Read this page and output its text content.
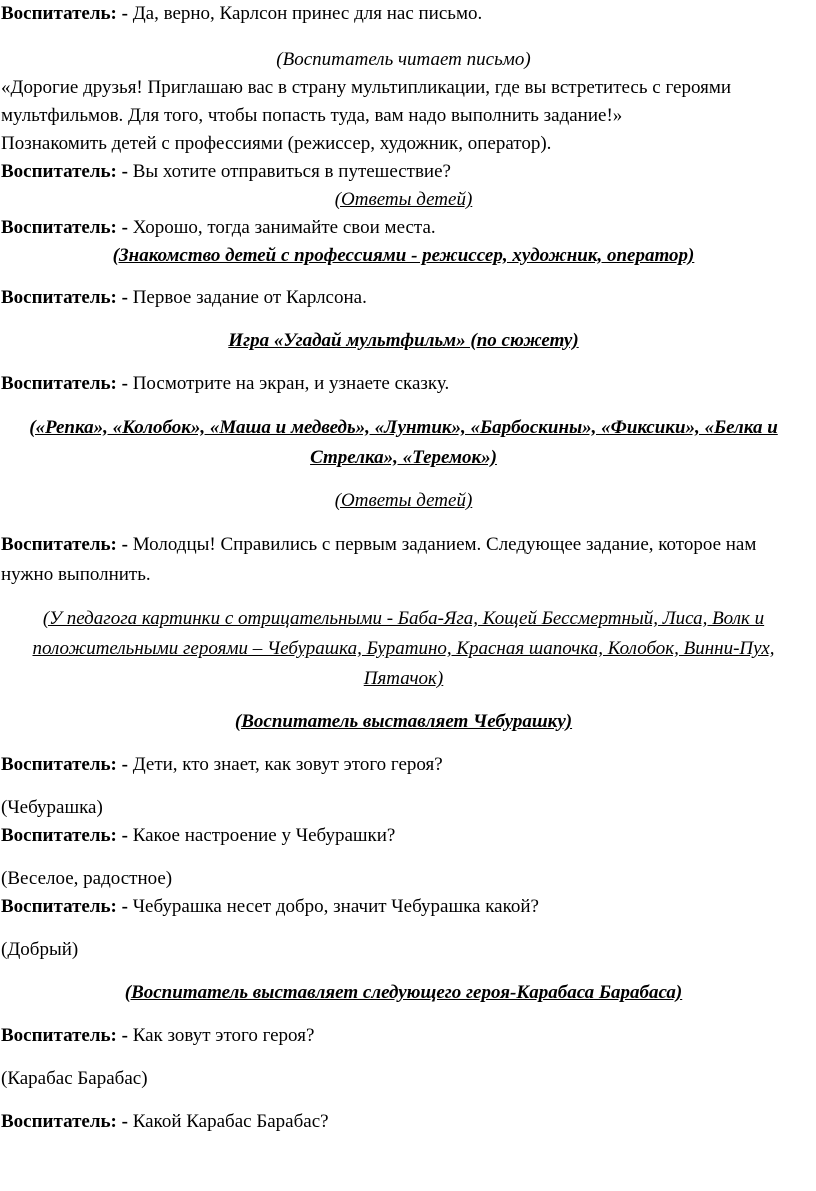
Воспитатель: - Да, верно, Карлсон принес для нас письмо.

(Воспитатель читает письмо)

«Дорогие друзья! Приглашаю вас в страну мультипликации, где вы встретитесь с героями мультфильмов. Для того, чтобы попасть туда, вам надо выполнить задание!»

Познакомить детей с профессиями (режиссер, художник, оператор).

Воспитатель: - Вы хотите отправиться в путешествие?

(Ответы детей)

Воспитатель: - Хорошо, тогда занимайте свои места.

(Знакомство детей с профессиями - режиссер, художник, оператор)

Воспитатель: - Первое задание от Карлсона.

Игра «Угадай мультфильм» (по сюжету)

Воспитатель: - Посмотрите на экран, и узнаете сказку.

(«Репка», «Колобок», «Маша и медведь», «Лунтик», «Барбоскины», «Фиксики», «Белка и Стрелка», «Теремок»)

(Ответы детей)

Воспитатель: - Молодцы! Справились с первым заданием. Следующее задание, которое нам нужно выполнить.

(У педагога картинки с отрицательными - Баба-Яга, Кощей Бессмертный, Лиса, Волк и положительными героями – Чебурашка, Буратино, Красная шапочка, Колобок, Винни-Пух, Пятачок)

(Воспитатель выставляет Чебурашку)

Воспитатель: - Дети, кто знает, как зовут этого героя?

(Чебурашка)

Воспитатель: - Какое настроение у Чебурашки?

(Веселое, радостное)

Воспитатель: - Чебурашка несет добро, значит Чебурашка какой?

(Добрый)

(Воспитатель выставляет следующего героя-Карабаса Барабаса)

Воспитатель: - Как зовут этого героя?

(Карабас Барабас)

Воспитатель: - Какой Карабас Барабас?
